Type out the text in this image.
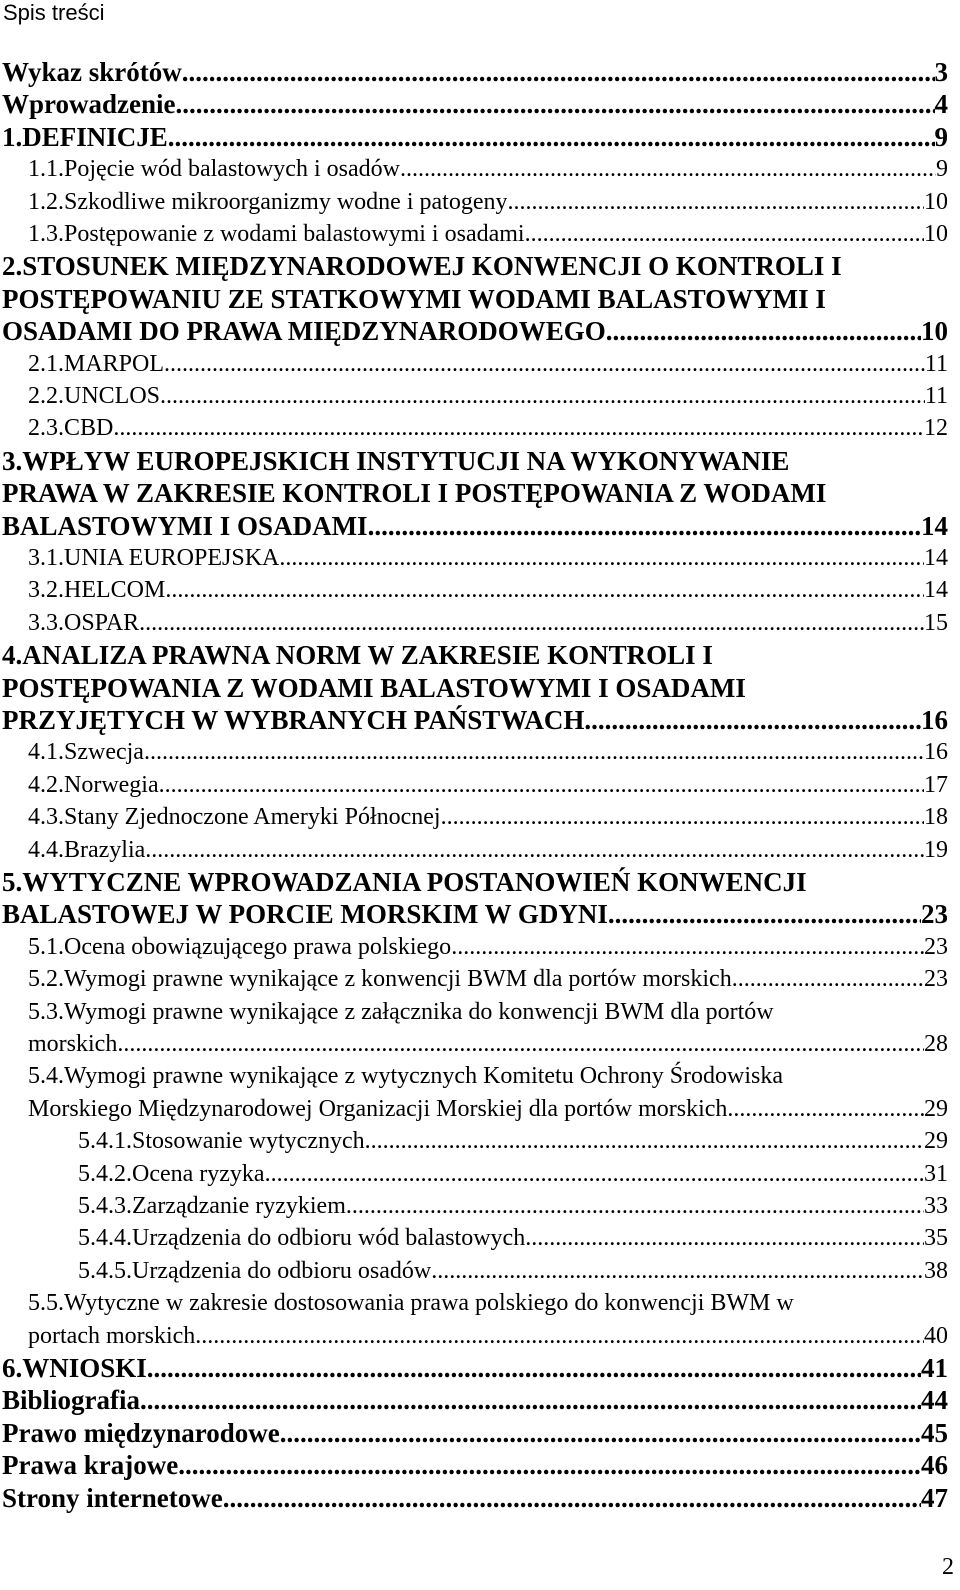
Spis treści
Wykaz skrótów .....	3
Wprowadzenie .....	4
1. DEFINICJE .....	9
1.1. Pojęcie wód balastowych i osadów .....	9
1.2. Szkodliwe mikroorganizmy wodne i patogeny .....	10
1.3. Postępowanie z wodami balastowymi i osadami .....	10
2.STOSUNEK MIĘDZYNARODOWEJ KONWENCJI O KONTROLI I
POSTĘPOWANIU ZE STATKOWYMI WODAMI BALASTOWYMI I
OSADAMI DO PRAWA MIĘDZYNARODOWEGO .....	10
2.1. MARPOL .....	11
2.2. UNCLOS .....	11
2.3. CBD .....	12
3.WPŁYW EUROPEJSKICH INSTYTUCJI NA WYKONYWANIE
PRAWA W ZAKRESIE KONTROLI I POSTĘPOWANIA Z WODAMI
BALASTOWYMI I OSADAMI .....	14
3.1. UNIA EUROPEJSKA .....	14
3.2. HELCOM .....	14
3.3. OSPAR .....	15
4.ANALIZA PRAWNA NORM W ZAKRESIE KONTROLI I
POSTĘPOWANIA Z WODAMI BALASTOWYMI I OSADAMI
PRZYJĘTYCH W WYBRANYCH PAŃSTWACH .....	16
4.1. Szwecja .....	16
4.2. Norwegia .....	17
4.3. Stany Zjednoczone Ameryki Północnej .....	18
4.4. Brazylia .....	19
5.WYTYCZNE WPROWADZANIA POSTANOWIEŃ KONWENCJI
BALASTOWEJ W PORCIE MORSKIM W GDYNI .....	23
5.1. Ocena obowiązującego prawa polskiego .....	23
5.2. Wymogi prawne wynikające z konwencji BWM dla portów morskich .....	23
5.3.Wymogi prawne wynikające z załącznika do konwencji BWM dla portów
morskich .....	28
5.4.Wymogi prawne wynikające z wytycznych Komitetu Ochrony Środowiska
Morskiego Międzynarodowej Organizacji Morskiej dla portów morskich .....	29
5.4.1. Stosowanie wytycznych .....	29
5.4.2. Ocena ryzyka .....	31
5.4.3. Zarządzanie ryzykiem .....	33
5.4.4. Urządzenia do odbioru wód balastowych .....	35
5.4.5. Urządzenia do odbioru osadów .....	38
5.5.Wytyczne w zakresie dostosowania prawa polskiego do konwencji BWM w
portach morskich .....	40
6. WNIOSKI .....	41
Bibliografia .....	44
Prawo międzynarodowe .....	45
Prawa krajowe .....	46
Strony internetowe .....	47
2
